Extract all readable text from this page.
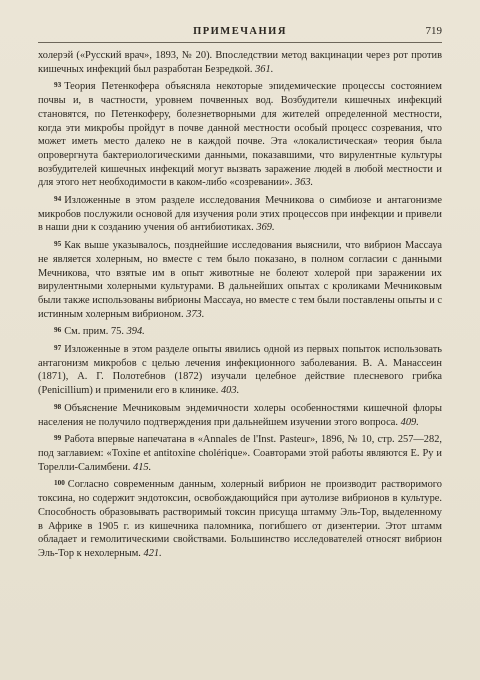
ПРИМЕЧАНИЯ	719

холерэй («Русский врач», 1893, № 20). Впоследствии метод вакцинации через рот против кишечных инфекций был разработан Безредкой. 361.

93 Теория Петенкофера объясняла некоторые эпидемические процессы состоянием почвы и, в частности, уровнем почвенных вод. Возбудители кишечных инфекций становятся, по Петенкоферу, болезнетворными для жителей определенной местности, когда эти микробы пройдут в почве данной местности особый процесс созревания, что может иметь место далеко не в каждой почве. Эта «локалистическая» теория была опровергнута бактериологическими данными, показавшими, что вирулентные культуры возбудителей кишечных инфекций могут вызвать заражение людей в любой местности и для этого нет необходимости в каком-либо «созревании». 363.

94 Изложенные в этом разделе исследования Мечникова о симбиозе и антагонизме микробов послужили основой для изучения роли этих процессов при инфекции и привели в наши дни к созданию учения об антибиотиках. 369.

95 Как выше указывалось, позднейшие исследования выяснили, что вибрион Массауа не является холерным, но вместе с тем было показано, в полном согласии с данными Мечникова, что взятые им в опыт животные не болеют холерой при заражении их вирулентными холерными культурами. В дальнейших опытах с кроликами Мечниковым были также использованы вибрионы Массауа, но вместе с тем были поставлены опыты и с истинным холерным вибрионом. 373.

96 См. прим. 75. 394.

97 Изложенные в этом разделе опыты явились одной из первых попыток использовать антагонизм микробов с целью лечения инфекционного заболевания. В. А. Манассеин (1871), А. Г. Полотебнов (1872) изучали целебное действие плесневого грибка (Penicillium) и применили его в клинике. 403.

98 Объяснение Мечниковым эндемичности холеры особенностями кишечной флоры населения не получило подтверждения при дальнейшем изучении этого вопроса. 409.

99 Работа впервые напечатана в «Annales de l'Inst. Pasteur», 1896, № 10, стр. 257—282, под заглавием: «Toxine et antitoxine cholérique». Соавторами этой работы являются Е. Ру и Торелли-Салимбени. 415.

100 Согласно современным данным, холерный вибрион не производит растворимого токсина, но содержит эндотоксин, освобождающийся при аутолизе вибрионов в культуре. Способность образовывать растворимый токсин присуща штамму Эль-Тор, выделенному в Африке в 1905 г. из кишечника паломника, погибшего от дизентерии. Этот штамм обладает и гемолитическими свойствами. Большинство исследователей относят вибрион Эль-Тор к нехолерным. 421.
